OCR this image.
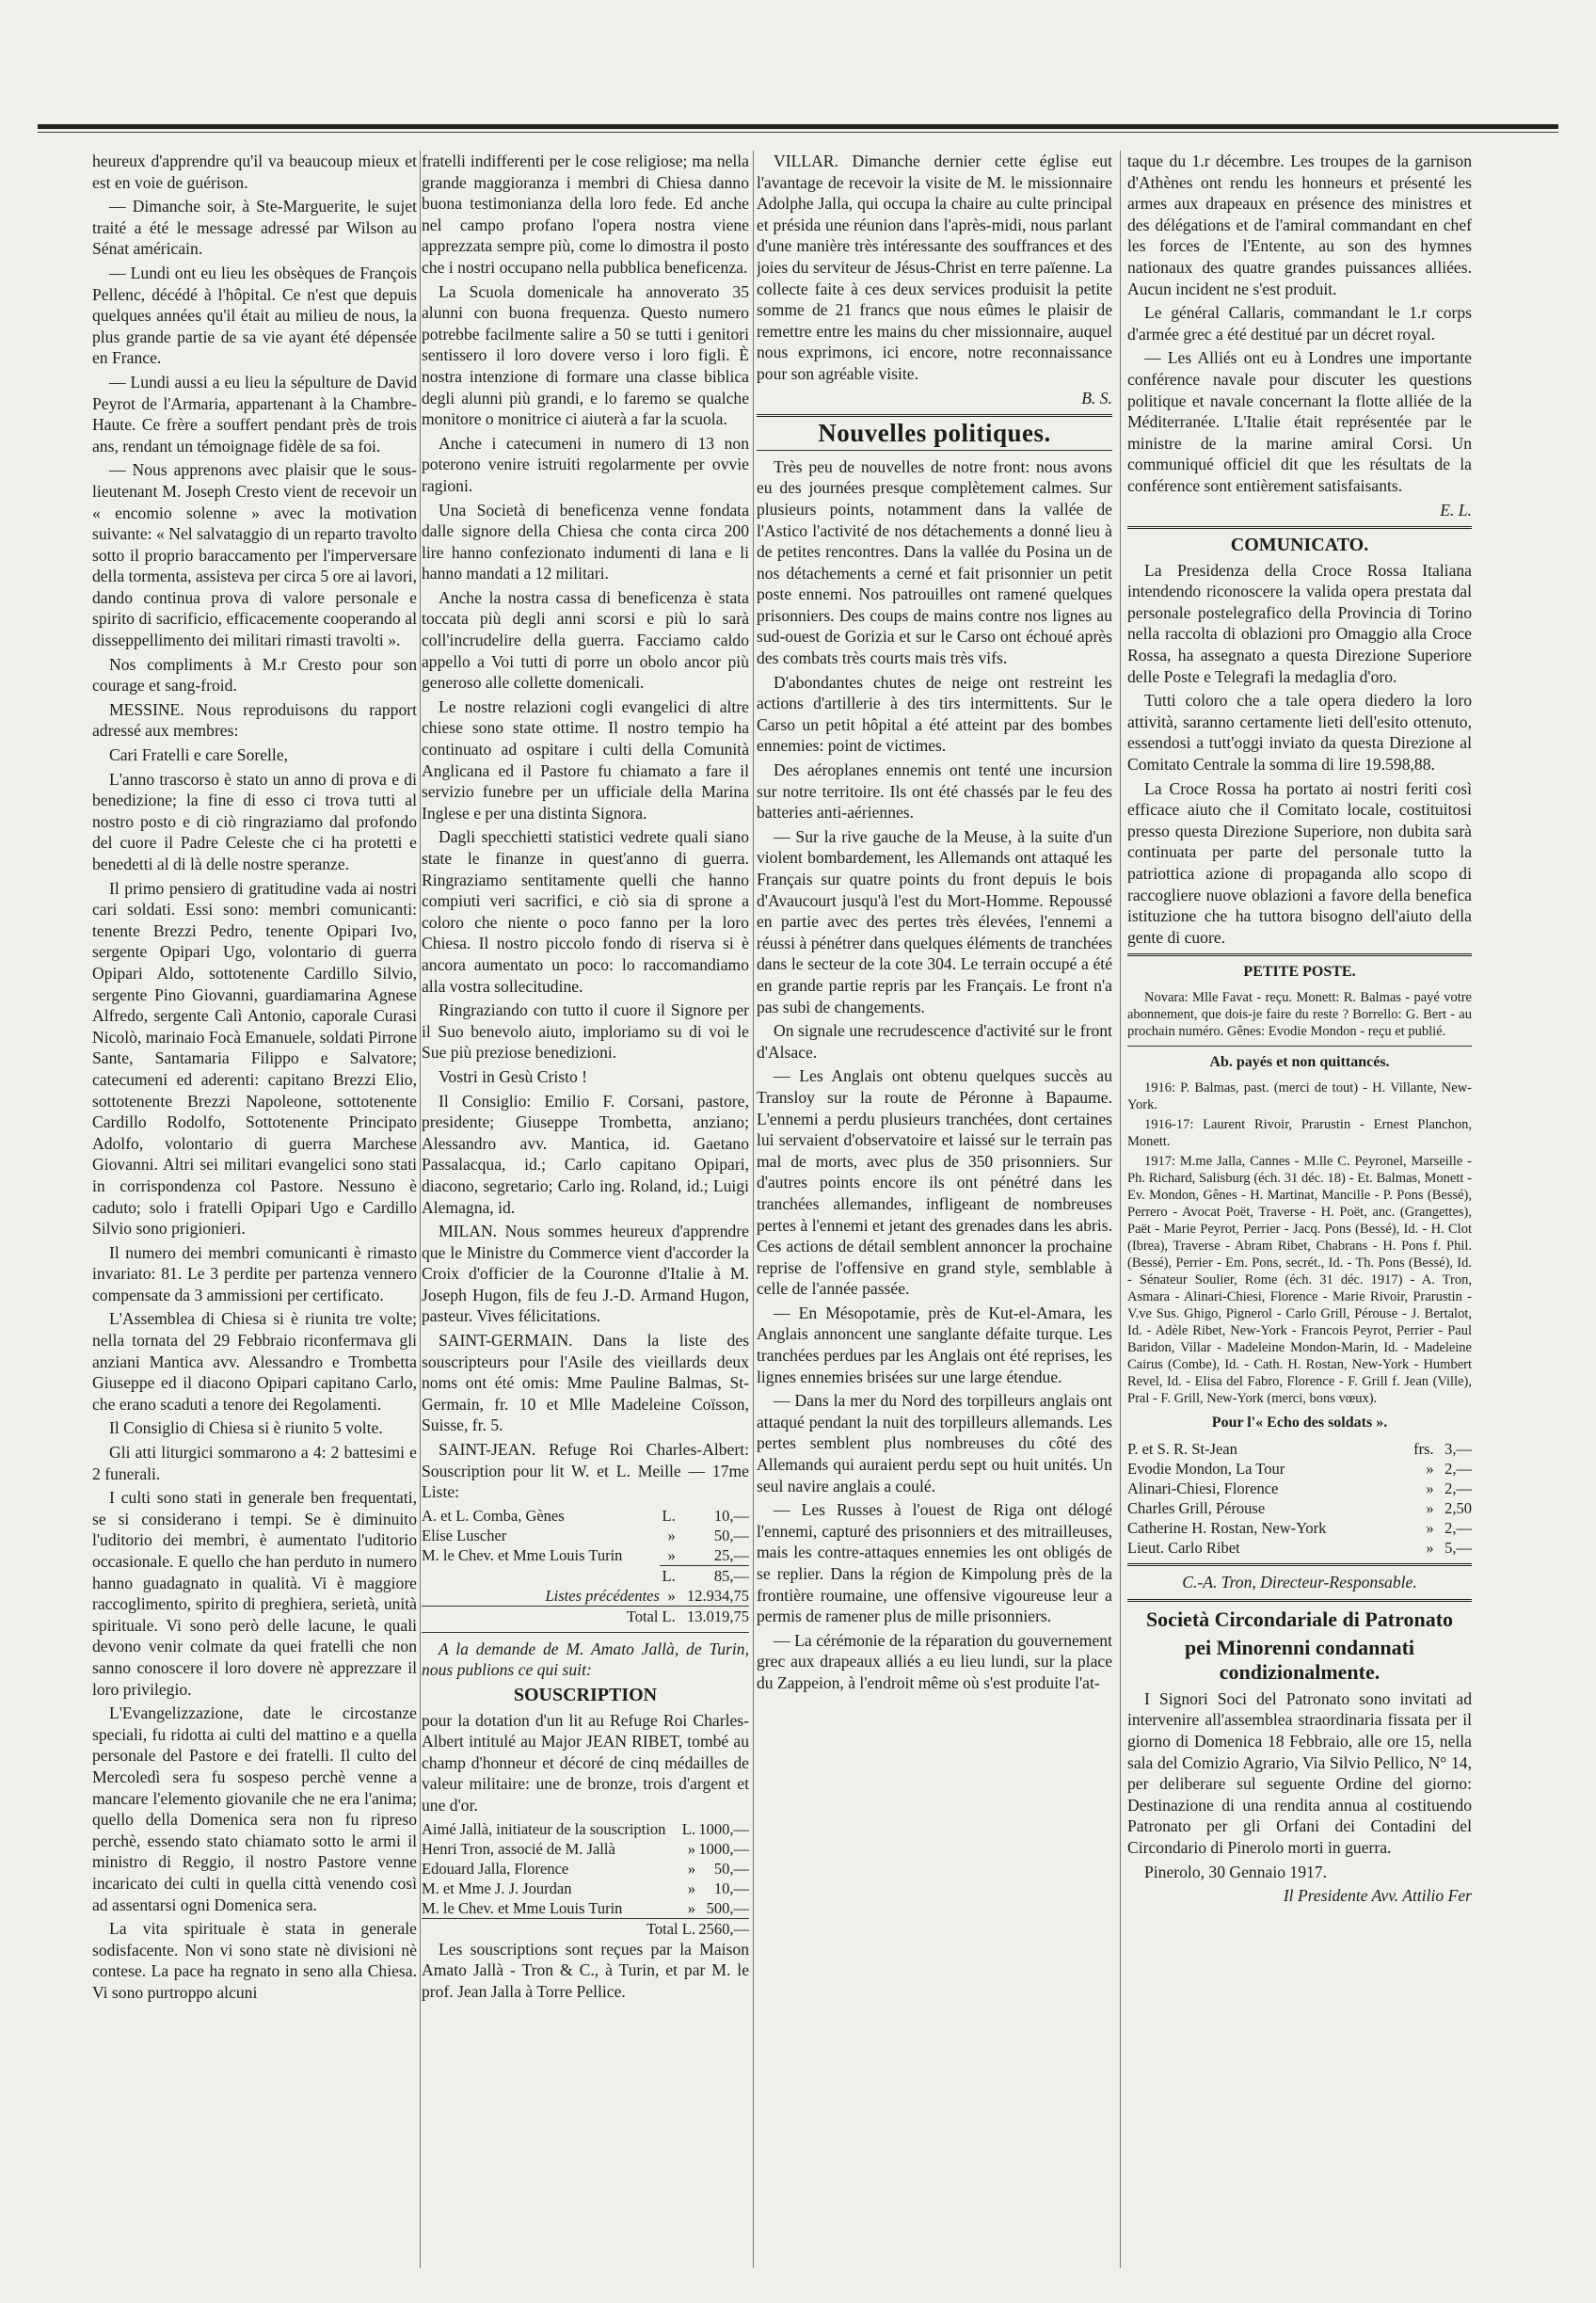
heureux d'apprendre qu'il va beaucoup mieux et est en voie de guérison.

— Dimanche soir, à Ste-Marguerite, le sujet traité a été le message adressé par Wilson au Sénat américain.

— Lundi ont eu lieu les obsèques de François Pellenc, décédé à l'hôpital. Ce n'est que depuis quelques années qu'il était au milieu de nous, la plus grande partie de sa vie ayant été dépensée en France.

— Lundi aussi a eu lieu la sépulture de David Peyrot de l'Armaria, appartenant à la Chambre-Haute. Ce frère a souffert pendant près de trois ans, rendant un témoignage fidèle de sa foi.

— Nous apprenons avec plaisir que le sous-lieutenant M. Joseph Cresto vient de recevoir un « encomio solenne » avec la motivation suivante: « Nel salvataggio di un reparto travolto sotto il proprio baraccamento per l'imperversare della tormenta, assisteva per circa 5 ore ai lavori, dando continua prova di valore personale e spirito di sacrificio, efficacemente cooperando al disseppellimento dei militari rimasti travolti ».

Nos compliments à M.r Cresto pour son courage et sang-froid.

MESSINE. Nous reproduisons du rapport adressé aux membres:

Cari Fratelli e care Sorelle,

L'anno trascorso è stato un anno di prova e di benedizione; la fine di esso ci trova tutti al nostro posto e di ciò ringraziamo dal profondo del cuore il Padre Celeste che ci ha protetti e benedetti al di là delle nostre speranze.

Il primo pensiero di gratitudine vada ai nostri cari soldati. Essi sono: membri comunicanti: tenente Brezzi Pedro, tenente Opipari Ivo, sergente Opipari Ugo, volontario di guerra Opipari Aldo, sottotenente Cardillo Silvio, sergente Pino Giovanni, guardiamarina Agnese Alfredo, sergente Calì Antonio, caporale Curasi Nicolò, marinaio Focà Emanuele, soldati Pirrone Sante, Santamaria Filippo e Salvatore; catecumeni ed aderenti: capitano Brezzi Elio, sottotenente Brezzi Napoleone, sottotenente Cardillo Rodolfo, Sottotenente Principato Adolfo, volontario di guerra Marchese Giovanni. Altri sei militari evangelici sono stati in corrispondenza col Pastore. Nessuno è caduto; solo i fratelli Opipari Ugo e Cardillo Silvio sono prigionieri.

Il numero dei membri comunicanti è rimasto invariato: 81. Le 3 perdite per partenza vennero compensate da 3 ammissioni per certificato.

L'Assemblea di Chiesa si è riunita tre volte; nella tornata del 29 Febbraio riconfermava gli anziani Mantica avv. Alessandro e Trombetta Giuseppe ed il diacono Opipari capitano Carlo, che erano scaduti a tenore dei Regolamenti.

Il Consiglio di Chiesa si è riunito 5 volte.

Gli atti liturgici sommarono a 4: 2 battesimi e 2 funerali.

I culti sono stati in generale ben frequentati, se si considerano i tempi. Se è diminuito l'uditorio dei membri, è aumentato l'uditorio occasionale. E quello che han perduto in numero hanno guadagnato in qualità. Vi è maggiore raccoglimento, spirito di preghiera, serietà, unità spirituale. Vi sono però delle lacune, le quali devono venir colmate da quei fratelli che non sanno conoscere il loro dovere nè apprezzare il loro privilegio.

L'Evangelizzazione, date le circostanze speciali, fu ridotta ai culti del mattino e a quella personale del Pastore e dei fratelli. Il culto del Mercoledì sera fu sospeso perchè venne a mancare l'elemento giovanile che ne era l'anima; quello della Domenica sera non fu ripreso perchè, essendo stato chiamato sotto le armi il ministro di Reggio, il nostro Pastore venne incaricato dei culti in quella città venendo così ad assentarsi ogni Domenica sera.

La vita spirituale è stata in generale sodisfacente. Non vi sono state nè divisioni nè contese. La pace ha regnato in seno alla Chiesa. Vi sono purtroppo alcuni

fratelli indifferenti per le cose religiose; ma nella grande maggioranza i membri di Chiesa danno buona testimonianza della loro fede. Ed anche nel campo profano l'opera nostra viene apprezzata sempre più, come lo dimostra il posto che i nostri occupano nella pubblica beneficenza.

La Scuola domenicale ha annoverato 35 alunni con buona frequenza. Questo numero potrebbe facilmente salire a 50 se tutti i genitori sentissero il loro dovere verso i loro figli. È nostra intenzione di formare una classe biblica degli alunni più grandi, e lo faremo se qualche monitore o monitrice ci aiuterà a far la scuola.

Anche i catecumeni in numero di 13 non poterono venire istruiti regolarmente per ovvie ragioni.

Una Società di beneficenza venne fondata dalle signore della Chiesa che conta circa 200 lire hanno confezionato indumenti di lana e li hanno mandati a 12 militari.

Anche la nostra cassa di beneficenza è stata toccata più degli anni scorsi e più lo sarà coll'incrudelire della guerra. Facciamo caldo appello a Voi tutti di porre un obolo ancor più generoso alle collette domenicali.

Le nostre relazioni cogli evangelici di altre chiese sono state ottime. Il nostro tempio ha continuato ad ospitare i culti della Comunità Anglicana ed il Pastore fu chiamato a fare il servizio funebre per un ufficiale della Marina Inglese e per una distinta Signora.

Dagli specchietti statistici vedrete quali siano state le finanze in quest'anno di guerra. Ringraziamo sentitamente quelli che hanno compiuti veri sacrifici, e ciò sia di sprone a coloro che niente o poco fanno per la loro Chiesa. Il nostro piccolo fondo di riserva si è ancora aumentato un poco: lo raccomandiamo alla vostra sollecitudine.

Ringraziando con tutto il cuore il Signore per il Suo benevolo aiuto, imploriamo su di voi le Sue più preziose benedizioni.

Vostri in Gesù Cristo !

Il Consiglio: Emilio F. Corsani, pastore, presidente; Giuseppe Trombetta, anziano; Alessandro avv. Mantica, id. Gaetano Passalacqua, id.; Carlo capitano Opipari, diacono, segretario; Carlo ing. Roland, id.; Luigi Alemagna, id.

MILAN. Nous sommes heureux d'apprendre que le Ministre du Commerce vient d'accorder la Croix d'officier de la Couronne d'Italie à M. Joseph Hugon, fils de feu J.-D. Armand Hugon, pasteur. Vives félicitations.

SAINT-GERMAIN. Dans la liste des souscripteurs pour l'Asile des vieillards deux noms ont été omis: Mme Pauline Balmas, St-Germain, fr. 10 et Mlle Madeleine Coïsson, Suisse, fr. 5.

SAINT-JEAN. Refuge Roi Charles-Albert: Souscription pour lit W. et L. Meille — 17me Liste:

A. et L. Comba, Gènes	L.	10,—
Elise Luscher	»	50,—
M. le Chev. et Mme Louis Turin	»	25,—
	L.	85,—
Listes précédentes	»	12.934,75
Total L.		13.019,75

A la demande de M. Amato Jallà, de Turin, nous publions ce qui suit:

SOUSCRIPTION

pour la dotation d'un lit au Refuge Roi Charles-Albert intitulé au Major JEAN RIBET, tombé au champ d'honneur et décoré de cinq médailles de valeur militaire: une de bronze, trois d'argent et une d'or.

Aimé Jallà, initiateur de la souscription	L.	1000,—
Henri Tron, associé de M. Jallà	»	1000,—
Edouard Jalla, Florence	»	50,—
M. et Mme J. J. Jourdan	»	10,—
M. le Chev. et Mme Louis Turin	»	500,—
Total L.		2560,—

Les souscriptions sont reçues par la Maison Amato Jallà - Tron & C., à Turin, et par M. le prof. Jean Jalla à Torre Pellice.

VILLAR. Dimanche dernier cette église eut l'avantage de recevoir la visite de M. le missionnaire Adolphe Jalla, qui occupa la chaire au culte principal et présida une réunion dans l'après-midi, nous parlant d'une manière très intéressante des souffrances et des joies du serviteur de Jésus-Christ en terre païenne. La collecte faite à ces deux services produisit la petite somme de 21 francs que nous eûmes le plaisir de remettre entre les mains du cher missionnaire, auquel nous exprimons, ici encore, notre reconnaissance pour son agréable visite.

B. S.

Nouvelles politiques.

Très peu de nouvelles de notre front: nous avons eu des journées presque complètement calmes. Sur plusieurs points, notamment dans la vallée de l'Astico l'activité de nos détachements a donné lieu à de petites rencontres. Dans la vallée du Posina un de nos détachements a cerné et fait prisonnier un petit poste ennemi. Nos patrouilles ont ramené quelques prisonniers. Des coups de mains contre nos lignes au sud-ouest de Gorizia et sur le Carso ont échoué après des combats très courts mais très vifs.

D'abondantes chutes de neige ont restreint les actions d'artillerie à des tirs intermittents. Sur le Carso un petit hôpital a été atteint par des bombes ennemies: point de victimes.

Des aéroplanes ennemis ont tenté une incursion sur notre territoire. Ils ont été chassés par le feu des batteries anti-aériennes.

— Sur la rive gauche de la Meuse, à la suite d'un violent bombardement, les Allemands ont attaqué les Français sur quatre points du front depuis le bois d'Avaucourt jusqu'à l'est du Mort-Homme. Repoussé en partie avec des pertes très élevées, l'ennemi a réussi à pénétrer dans quelques éléments de tranchées dans le secteur de la cote 304. Le terrain occupé a été en grande partie repris par les Français. Le front n'a pas subi de changements.

On signale une recrudescence d'activité sur le front d'Alsace.

— Les Anglais ont obtenu quelques succès au Transloy sur la route de Péronne à Bapaume. L'ennemi a perdu plusieurs tranchées, dont certaines lui servaient d'observatoire et laissé sur le terrain pas mal de morts, avec plus de 350 prisonniers. Sur d'autres points encore ils ont pénétré dans les tranchées allemandes, infligeant de nombreuses pertes à l'ennemi et jetant des grenades dans les abris. Ces actions de détail semblent annoncer la prochaine reprise de l'offensive en grand style, semblable à celle de l'année passée.

— En Mésopotamie, près de Kut-el-Amara, les Anglais annoncent une sanglante défaite turque. Les tranchées perdues par les Anglais ont été reprises, les lignes ennemies brisées sur une large étendue.

— Dans la mer du Nord des torpilleurs anglais ont attaqué pendant la nuit des torpilleurs allemands. Les pertes semblent plus nombreuses du côté des Allemands qui auraient perdu sept ou huit unités. Un seul navire anglais a coulé.

— Les Russes à l'ouest de Riga ont délogé l'ennemi, capturé des prisonniers et des mitrailleuses, mais les contre-attaques ennemies les ont obligés de se replier. Dans la région de Kimpolung près de la frontière roumaine, une offensive vigoureuse leur a permis de ramener plus de mille prisonniers.

— La cérémonie de la réparation du gouvernement grec aux drapeaux alliés a eu lieu lundi, sur la place du Zappeion, à l'endroit même où s'est produite l'at-

taque du 1.r décembre. Les troupes de la garnison d'Athènes ont rendu les honneurs et présenté les armes aux drapeaux en présence des ministres et des délégations et de l'amiral commandant en chef les forces de l'Entente, au son des hymnes nationaux des quatre grandes puissances alliées. Aucun incident ne s'est produit.

Le général Callaris, commandant le 1.r corps d'armée grec a été destitué par un décret royal.

— Les Alliés ont eu à Londres une importante conférence navale pour discuter les questions politique et navale concernant la flotte alliée de la Méditerranée. L'Italie était représentée par le ministre de la marine amiral Corsi. Un communiqué officiel dit que les résultats de la conférence sont entièrement satisfaisants.

E. L.

COMUNICATO.

La Presidenza della Croce Rossa Italiana intendendo riconoscere la valida opera prestata dal personale postelegrafico della Provincia di Torino nella raccolta di oblazioni pro Omaggio alla Croce Rossa, ha assegnato a questa Direzione Superiore delle Poste e Telegrafi la medaglia d'oro.

Tutti coloro che a tale opera diedero la loro attività, saranno certamente lieti dell'esito ottenuto, essendosi a tutt'oggi inviato da questa Direzione al Comitato Centrale la somma di lire 19.598,88.

La Croce Rossa ha portato ai nostri feriti così efficace aiuto che il Comitato locale, costituitosi presso questa Direzione Superiore, non dubita sarà continuata per parte del personale tutto la patriottica azione di propaganda allo scopo di raccogliere nuove oblazioni a favore della benefica istituzione che ha tuttora bisogno dell'aiuto della gente di cuore.

PETITE POSTE.

Novara: Mlle Favat - reçu. Monett: R. Balmas - payé votre abonnement, que dois-je faire du reste ? Borrello: G. Bert - au prochain numéro. Gênes: Evodie Mondon - reçu et publié.

Ab. payés et non quittancés.

1916: P. Balmas, past. (merci de tout) - H. Villante, New-York.

1916-17: Laurent Rivoir, Prarustin - Ernest Planchon, Monett.

1917: M.me Jalla, Cannes - M.lle C. Peyronel, Marseille - Ph. Richard, Salisburg (éch. 31 déc. 18) - Et. Balmas, Monett - Ev. Mondon, Gênes - H. Martinat, Mancille - P. Pons (Bessé), Perrero - Avocat Poët, Traverse - H. Poët, anc. (Grangettes), Paët - Marie Peyrot, Perrier - Jacq. Pons (Bessé), Id. - H. Clot (Ibrea), Traverse - Abram Ribet, Chabrans - H. Pons f. Phil. (Bessé), Perrier - Em. Pons, secrét., Id. - Th. Pons (Bessé), Id. - Sénateur Soulier, Rome (éch. 31 déc. 1917) - A. Tron, Asmara - Alinari-Chiesi, Florence - Marie Rivoir, Prarustin - V.ve Sus. Ghigo, Pignerol - Carlo Grill, Pérouse - J. Bertalot, Id. - Adèle Ribet, New-York - Francois Peyrot, Perrier - Paul Baridon, Villar - Madeleine Mondon-Marin, Id. - Madeleine Cairus (Combe), Id. - Cath. H. Rostan, New-York - Humbert Revel, Id. - Elisa del Fabro, Florence - F. Grill f. Jean (Ville), Pral - F. Grill, New-York (merci, bons vœux).

Pour l'« Echo des soldats ».
P. et S. R. St-Jean	frs.	3,—
Evodie Mondon, La Tour	»	2,—
Alinari-Chiesi, Florence	»	2,—
Charles Grill, Pérouse	»	2,50
Catherine H. Rostan, New-York	»	2,—
Lieut. Carlo Ribet	»	5,—
C.-A. Tron, Directeur-Responsable.
Società Circondariale di Patronato
pei Minorenni condannati condizionalmente.

I Signori Soci del Patronato sono invitati ad intervenire all'assemblea straordinaria fissata per il giorno di Domenica 18 Febbraio, alle ore 15, nella sala del Comizio Agrario, Via Silvio Pellico, N° 14, per deliberare sul seguente Ordine del giorno: Destinazione di una rendita annua al costituendo Patronato per gli Orfani dei Contadini del Circondario di Pinerolo morti in guerra.

Pinerolo, 30 Gennaio 1917.

Il Presidente Avv. Attilio Fer
